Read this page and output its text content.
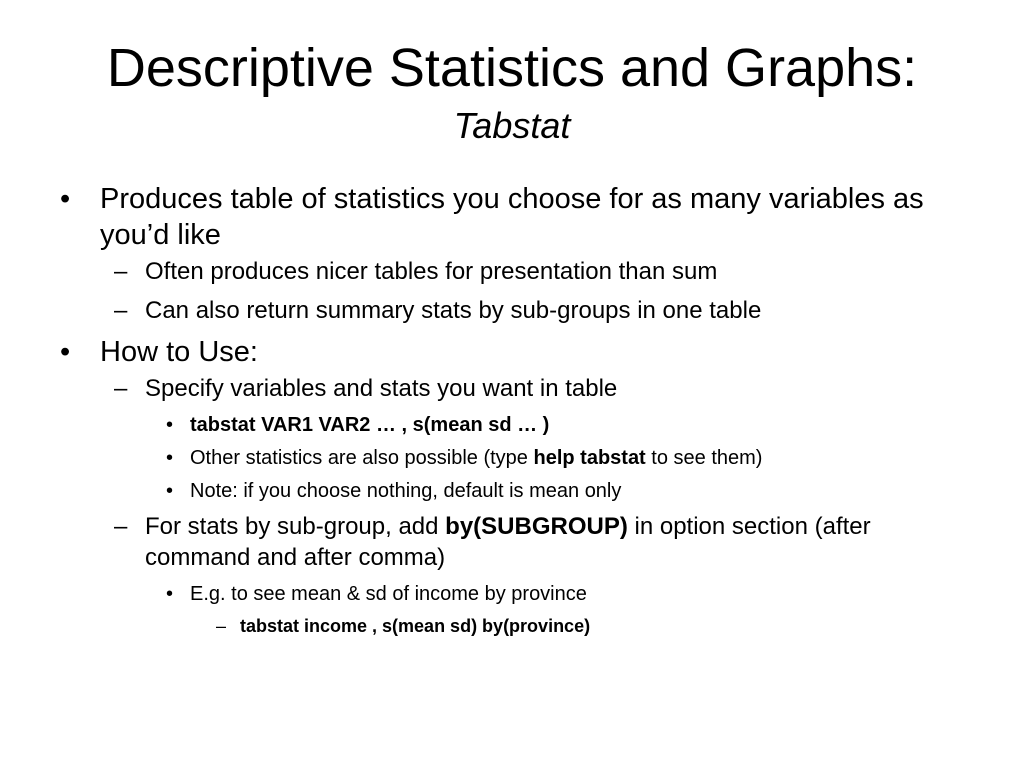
Descriptive Statistics and Graphs:
Tabstat
• Produces table of statistics you choose for as many variables as you’d like
– Often produces nicer tables for presentation than sum
– Can also return summary stats by sub-groups in one table
• How to Use:
– Specify variables and stats you want in table
• tabstat VAR1 VAR2 … , s(mean sd … )
• Other statistics are also possible (type help tabstat to see them)
• Note: if you choose nothing, default is mean only
– For stats by sub-group, add by(SUBGROUP) in option section (after command and after comma)
• E.g. to see mean & sd of income by province
– tabstat income , s(mean sd) by(province)
